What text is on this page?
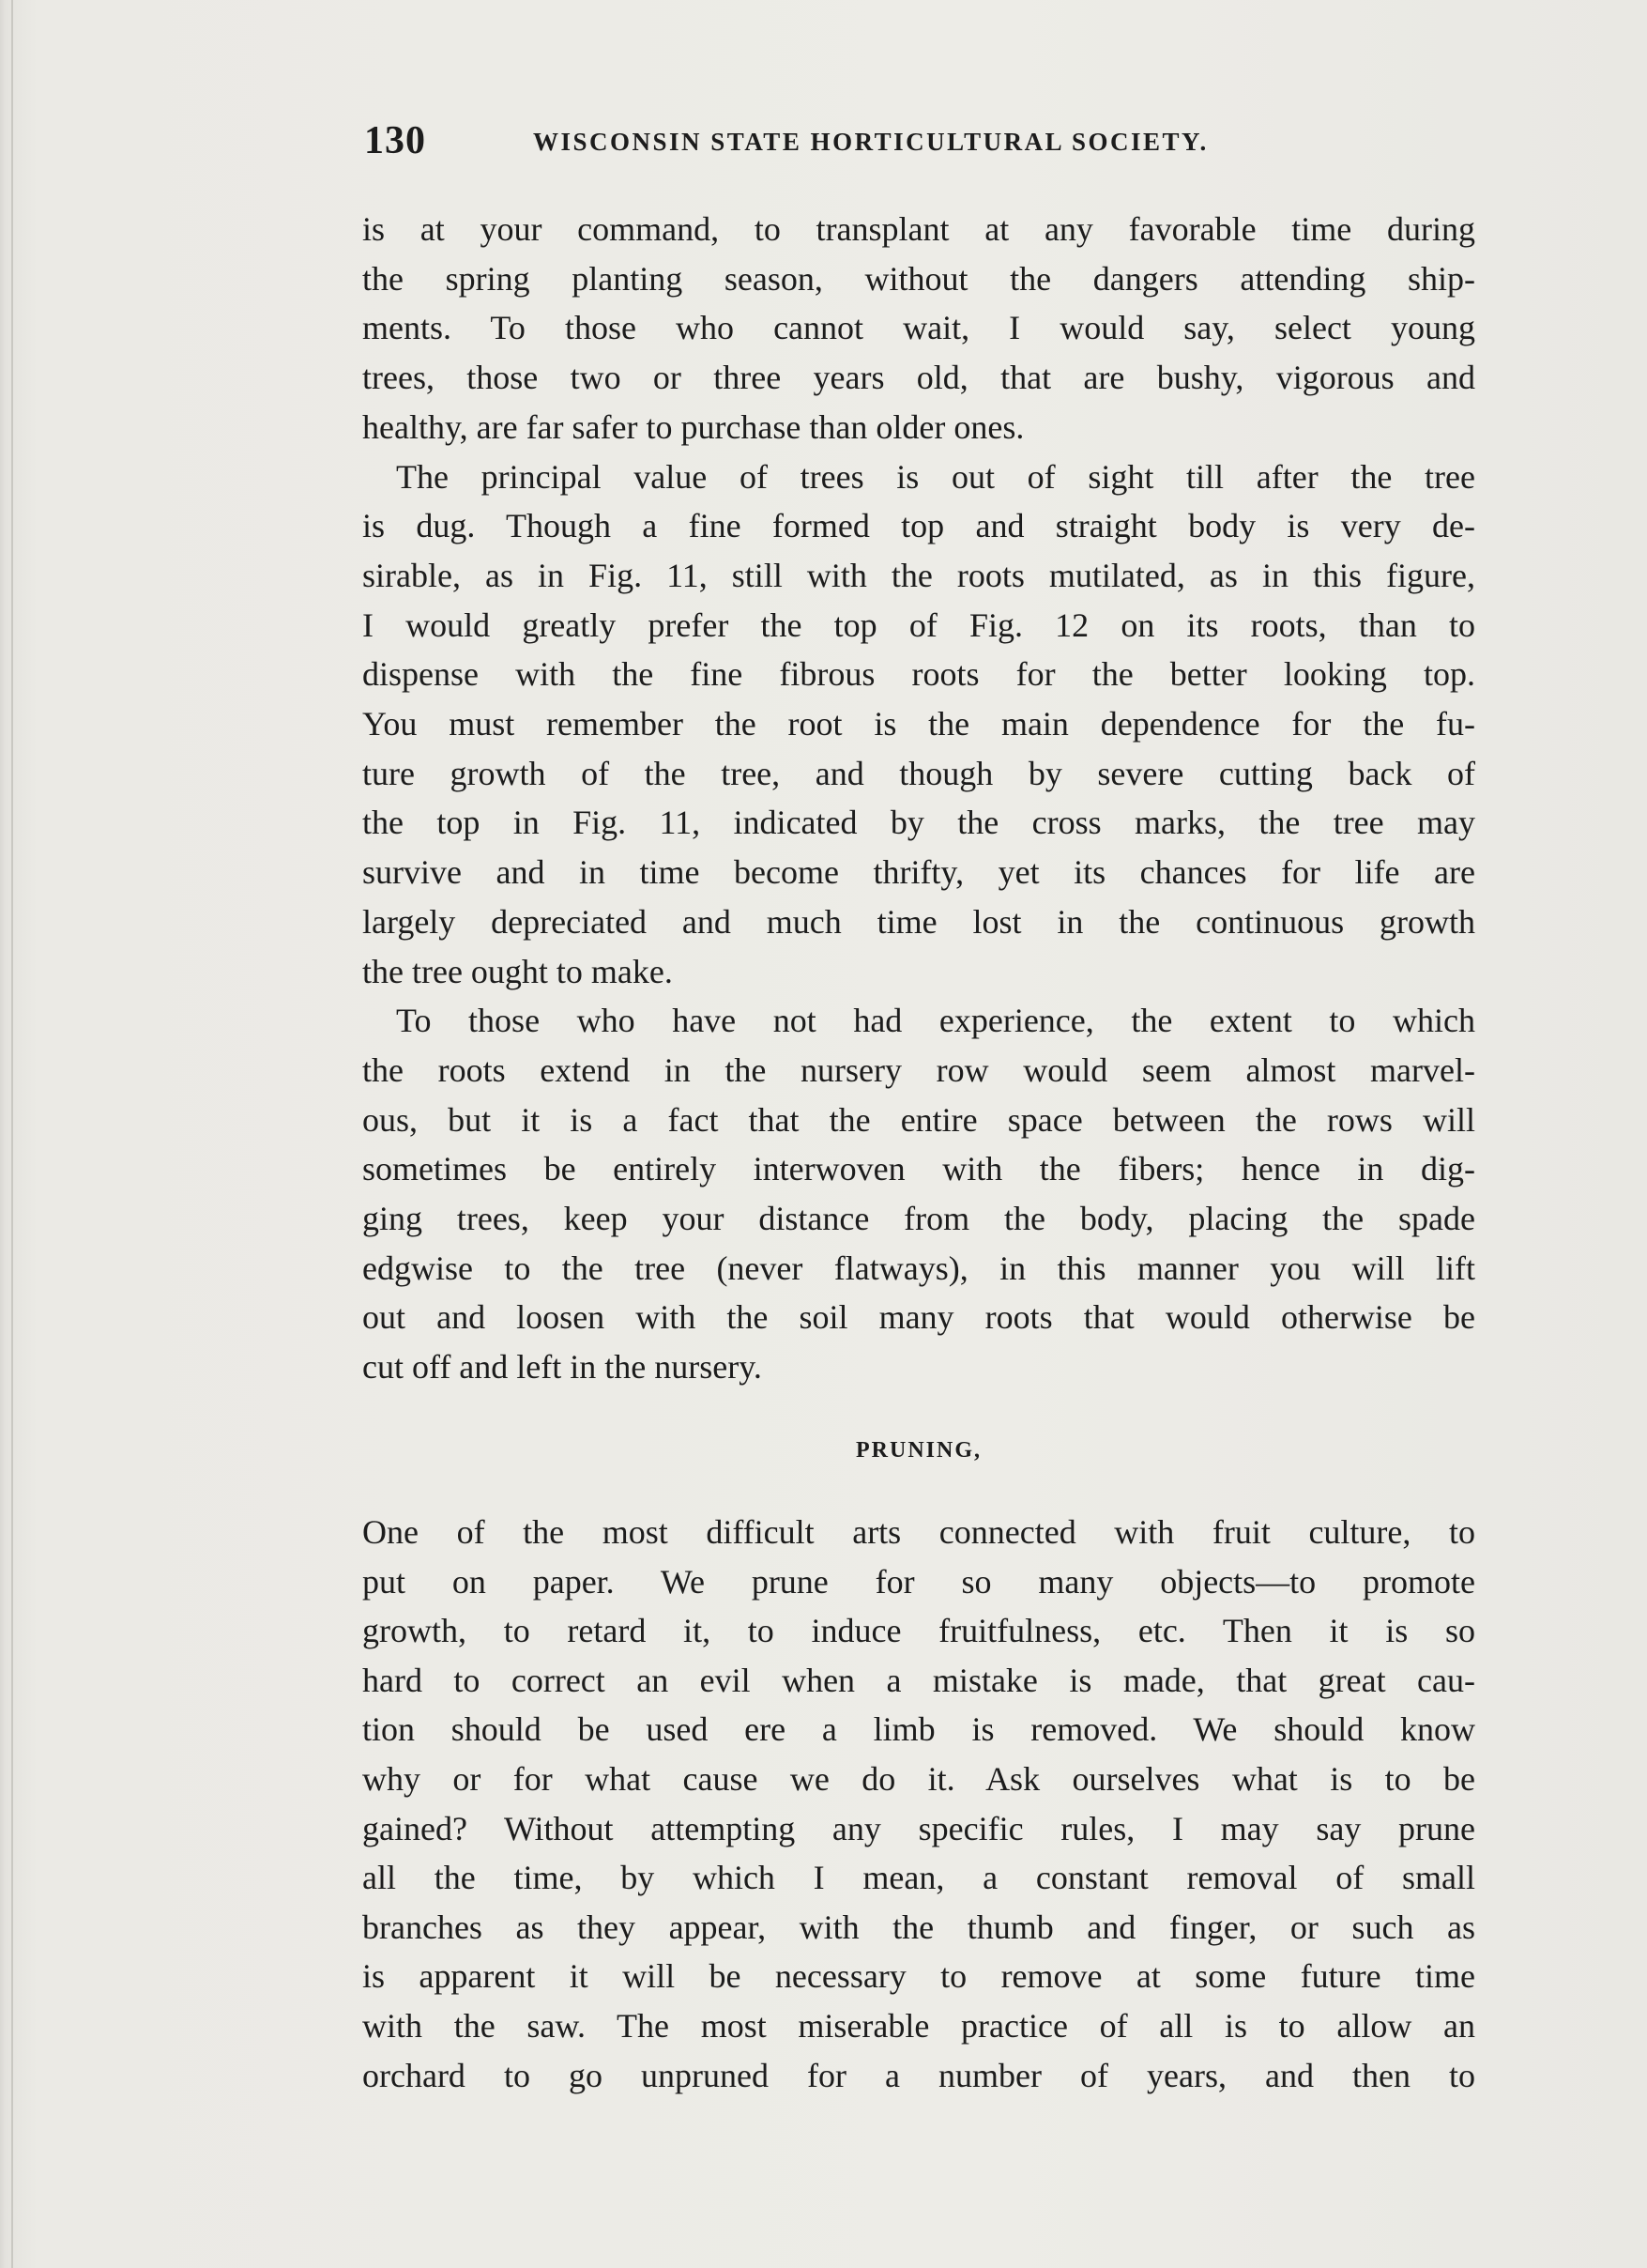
130	WISCONSIN STATE HORTICULTURAL SOCIETY.

is at your command, to transplant at any favorable time during

the spring planting season, without the dangers attending ship-

ments. To those who cannot wait, I would say, select young

trees, those two or three years old, that are bushy, vigorous and

healthy, are far safer to purchase than older ones.

The principal value of trees is out of sight till after the tree

is dug. Though a fine formed top and straight body is very de-

sirable, as in Fig. 11, still with the roots mutilated, as in this figure,

I would greatly prefer the top of Fig. 12 on its roots, than to

dispense with the fine fibrous roots for the better looking top.

You must remember the root is the main dependence for the fu-

ture growth of the tree, and though by severe cutting back of

the top in Fig. 11, indicated by the cross marks, the tree may

survive and in time become thrifty, yet its chances for life are

largely depreciated and much time lost in the continuous growth

the tree ought to make.

To those who have not had experience, the extent to which

the roots extend in the nursery row would seem almost marvel-

ous, but it is a fact that the entire space between the rows will

sometimes be entirely interwoven with the fibers; hence in dig-

ging trees, keep your distance from the body, placing the spade

edgwise to the tree (never flatways), in this manner you will lift

out and loosen with the soil many roots that would otherwise be

cut off and left in the nursery.

PRUNING,

One of the most difficult arts connected with fruit culture, to

put on paper. We prune for so many objects—to promote

growth, to retard it, to induce fruitfulness, etc. Then it is so

hard to correct an evil when a mistake is made, that great cau-

tion should be used ere a limb is removed. We should know

why or for what cause we do it. Ask ourselves what is to be

gained? Without attempting any specific rules, I may say prune

all the time, by which I mean, a constant removal of small

branches as they appear, with the thumb and finger, or such as

is apparent it will be necessary to remove at some future time

with the saw. The most miserable practice of all is to allow an

orchard to go unpruned for a number of years, and then to
